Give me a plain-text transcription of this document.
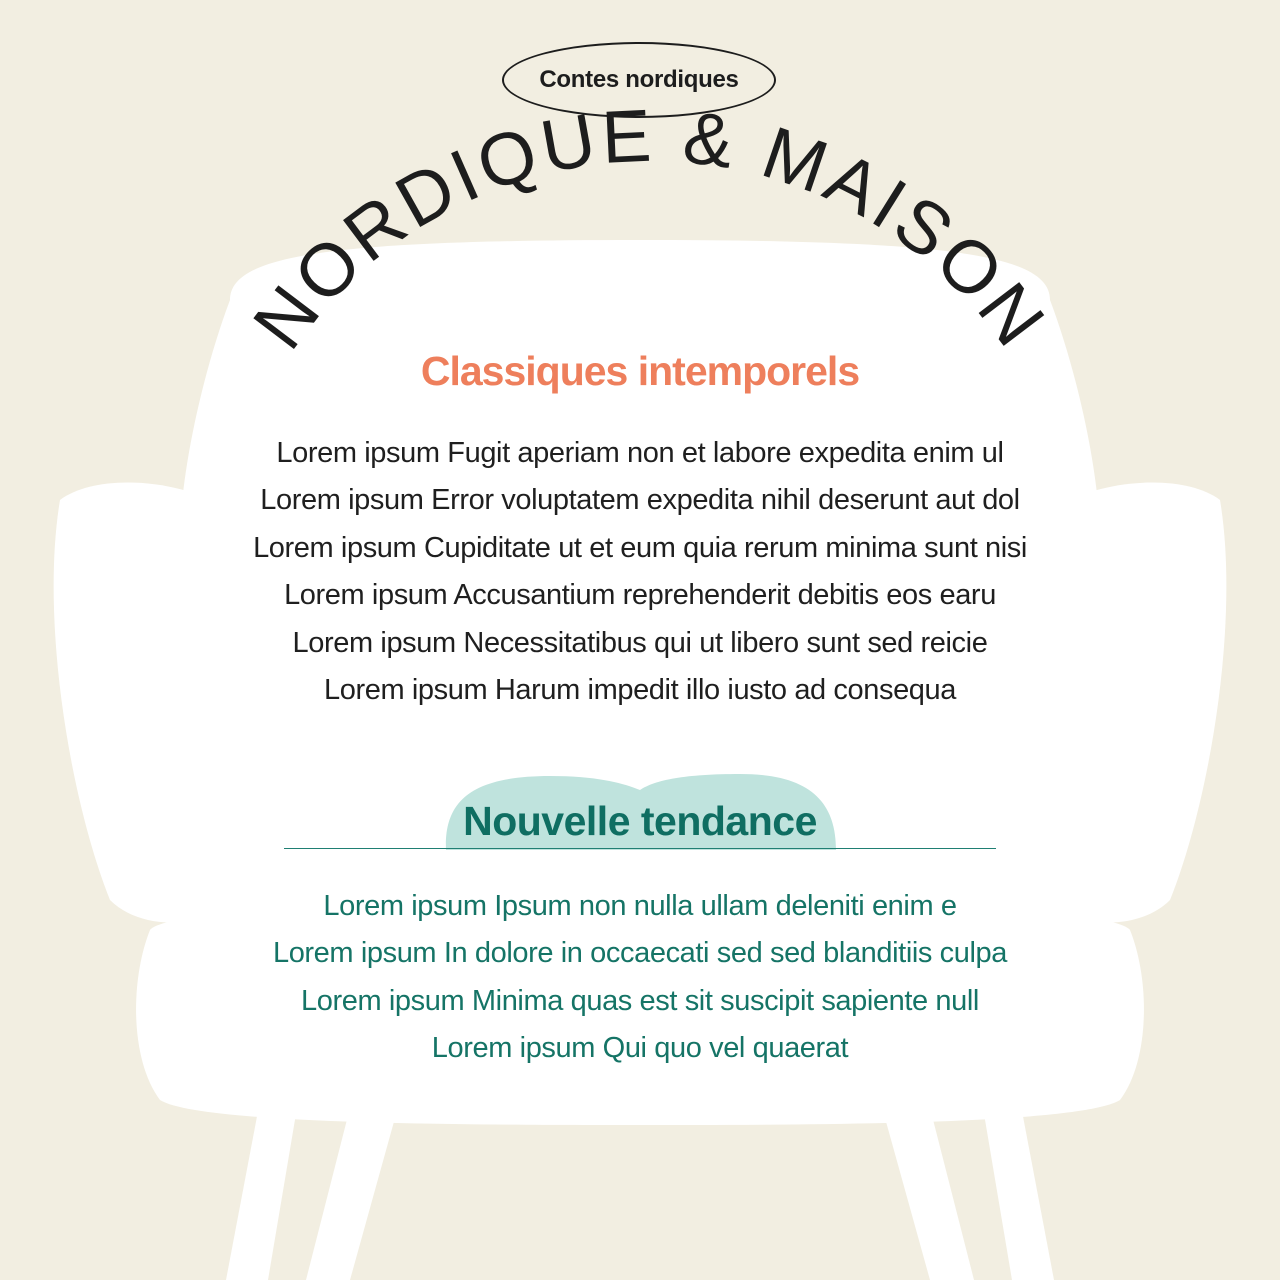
Contes nordiques
NORDIQUE & MAISON
Classiques intemporels
Lorem ipsum Fugit aperiam non et labore expedita enim ul
Lorem ipsum Error voluptatem expedita nihil deserunt aut dol
Lorem ipsum Cupiditate ut et eum quia rerum minima sunt nisi
Lorem ipsum Accusantium reprehenderit debitis eos earu
Lorem ipsum Necessitatibus qui ut libero sunt sed reicie
Lorem ipsum Harum impedit illo iusto ad consequa
Nouvelle tendance
Lorem ipsum Ipsum non nulla ullam deleniti enim e
Lorem ipsum In dolore in occaecati sed sed blanditiis culpa
Lorem ipsum Minima quas est sit suscipit sapiente null
Lorem ipsum Qui quo vel quaerat
